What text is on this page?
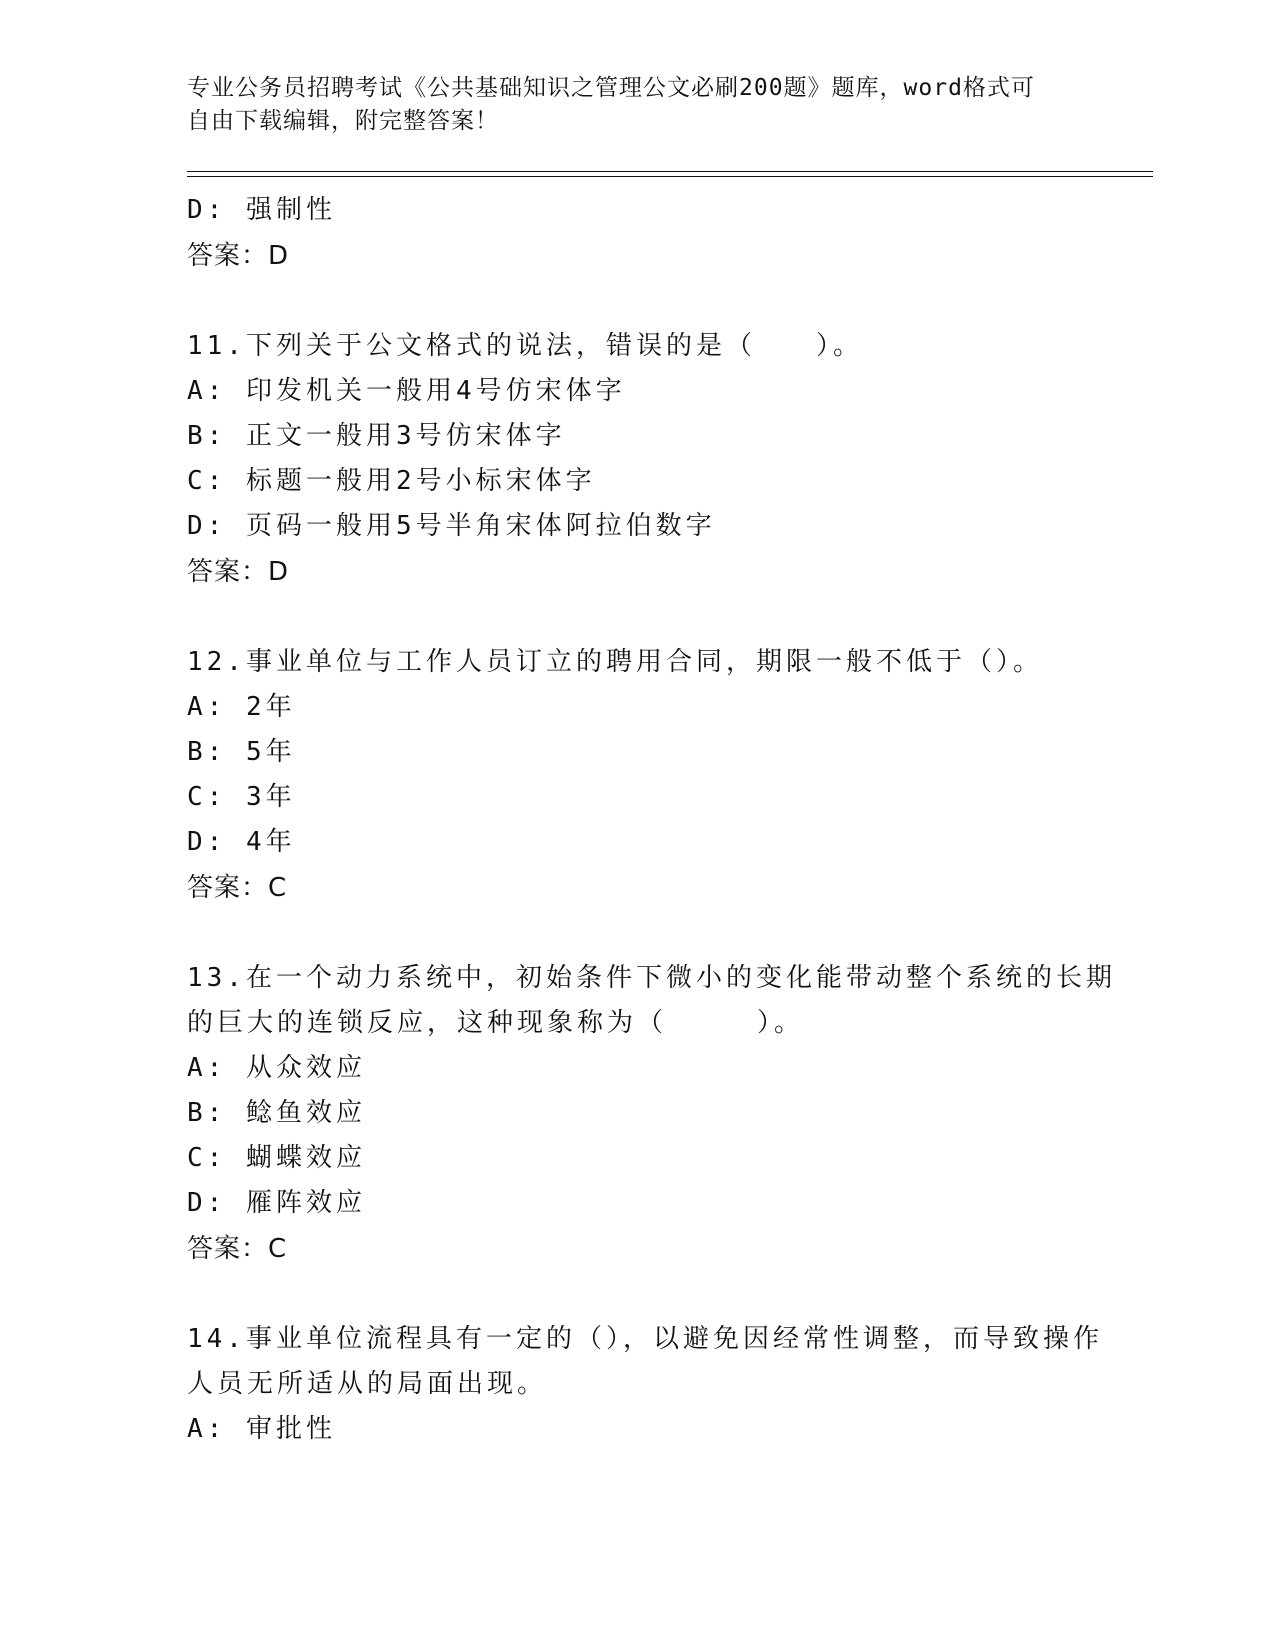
专业公务员招聘考试《公共基础知识之管理公文必刷200题》题库，word格式可
自由下载编辑，附完整答案！
D: 强制性
答案：D
11.下列关于公文格式的说法，错误的是（　　）。
A: 印发机关一般用4号仿宋体字
B: 正文一般用3号仿宋体字
C: 标题一般用2号小标宋体字
D: 页码一般用5号半角宋体阿拉伯数字
答案：D
12.事业单位与工作人员订立的聘用合同，期限一般不低于（）。
A: 2年
B: 5年
C: 3年
D: 4年
答案：C
13.在一个动力系统中，初始条件下微小的变化能带动整个系统的长期
的巨大的连锁反应，这种现象称为（　　　）。
A: 从众效应
B: 鲶鱼效应
C: 蝴蝶效应
D: 雁阵效应
答案：C
14.事业单位流程具有一定的（），以避免因经常性调整，而导致操作
人员无所适从的局面出现。
A: 审批性
